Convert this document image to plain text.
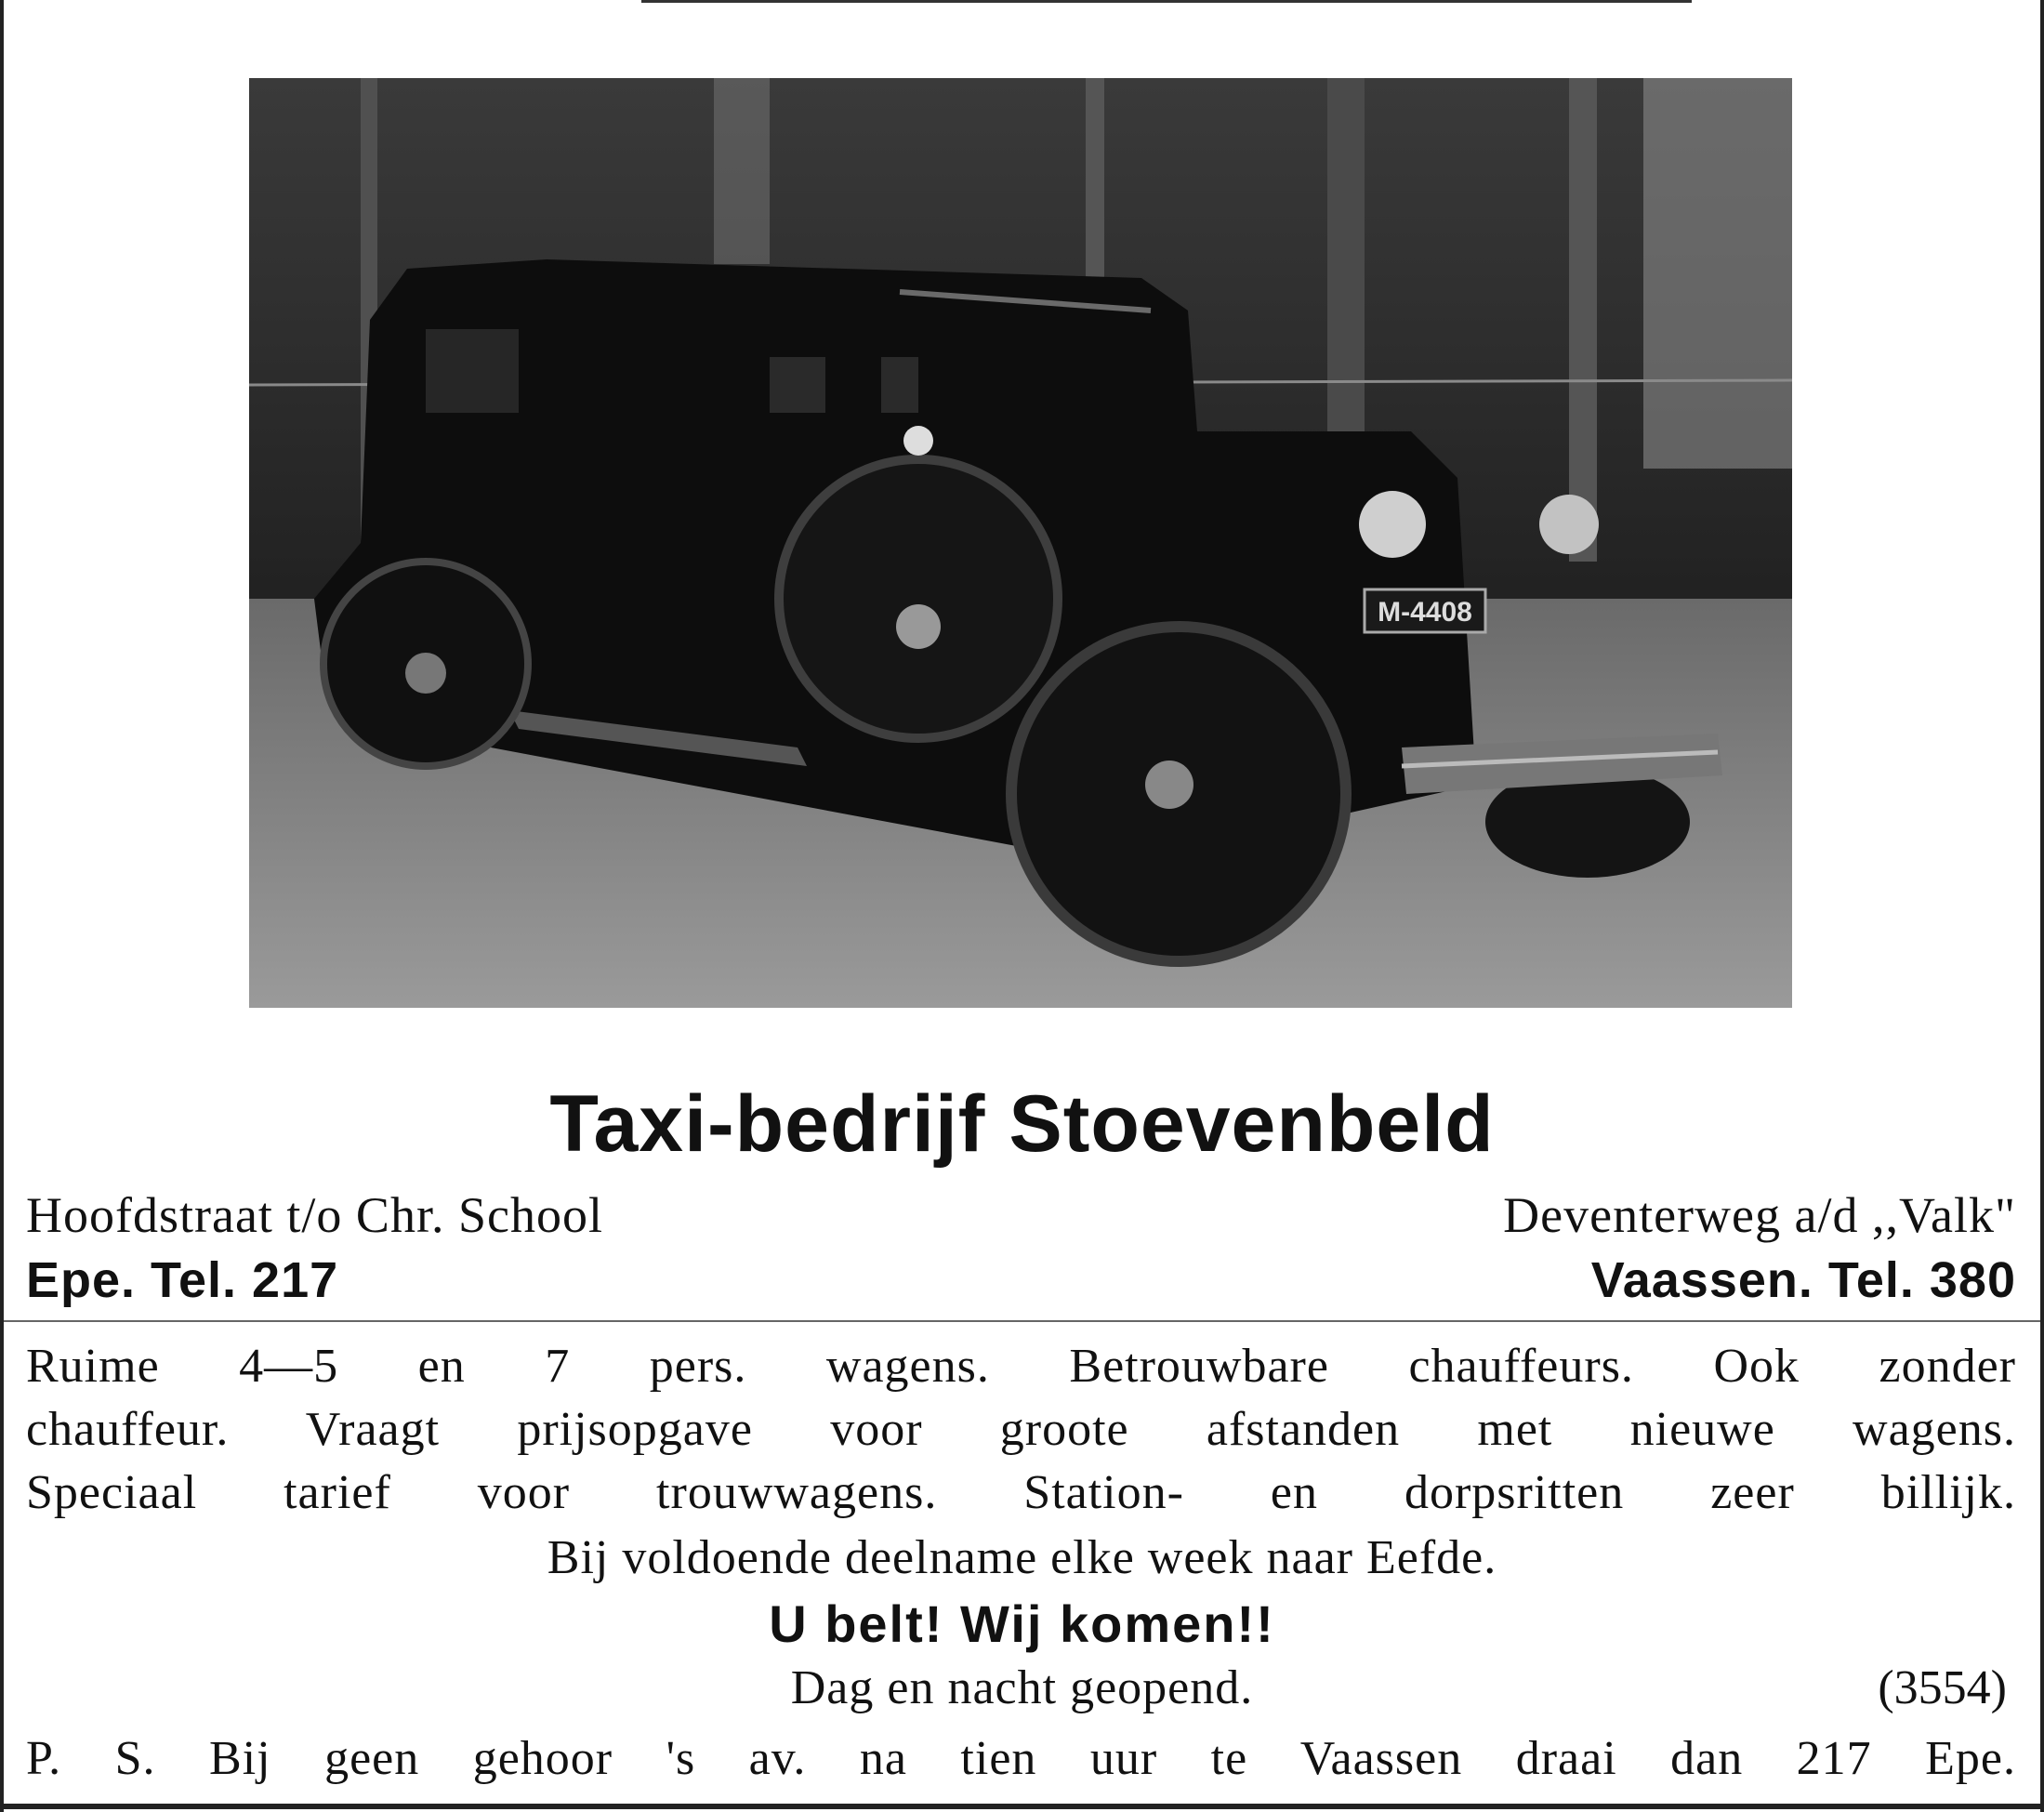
M-4408
Taxi-bedrijf Stoevenbeld
Hoofdstraat t/o Chr. School	Deventerweg a/d ,,Valk"
Epe. Tel. 217	Vaassen. Tel. 380
Ruime 4—5 en 7 pers. wagens. Betrouwbare chauffeurs. Ook zonder
chauffeur. Vraagt prijsopgave voor groote afstanden met nieuwe wagens.
Speciaal tarief voor trouwwagens. Station- en dorpsritten zeer billijk.
Bij voldoende deelname elke week naar Eefde.
U belt! Wij komen!!
Dag en nacht geopend.	(3554)
P. S. Bij geen gehoor 's av. na tien uur te Vaassen draai dan 217 Epe.
